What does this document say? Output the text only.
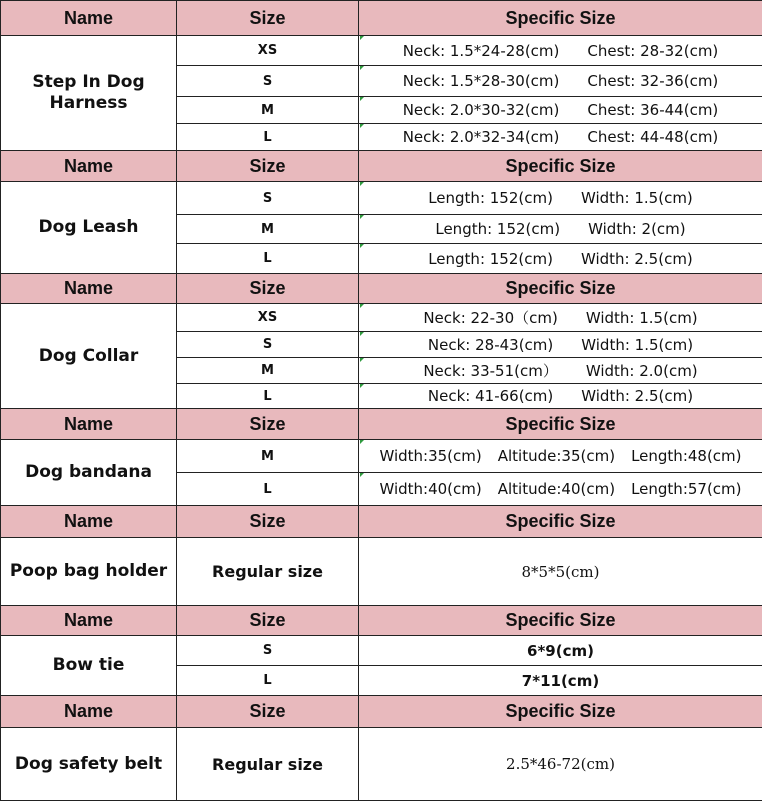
Name	Size	Specific Size
Step In Dog Harness
XS	Neck: 1.5*24-28(cm) Chest: 28-32(cm)
S	Neck: 1.5*28-30(cm) Chest: 32-36(cm)
M	Neck: 2.0*30-32(cm) Chest: 36-44(cm)
L	Neck: 2.0*32-34(cm) Chest: 44-48(cm)
Name	Size	Specific Size
Dog Leash
S	Length: 152(cm) Width: 1.5(cm)
M	Length: 152(cm) Width: 2(cm)
L	Length: 152(cm) Width: 2.5(cm)
Name	Size	Specific Size
Dog Collar
XS	Neck: 22-30（cm) Width: 1.5(cm)
S	Neck: 28-43(cm) Width: 1.5(cm)
M	Neck: 33-51(cm） Width: 2.0(cm)
L	Neck: 41-66(cm) Width: 2.5(cm)
Name	Size	Specific Size
Dog bandana
M	Width:35(cm) Altitude:35(cm) Length:48(cm)
L	Width:40(cm) Altitude:40(cm) Length:57(cm)
Name	Size	Specific Size
Poop bag holder	Regular size	8*5*5(cm)
Name	Size	Specific Size
Bow tie
S	6*9(cm)
L	7*11(cm)
Name	Size	Specific Size
Dog safety belt	Regular size	2.5*46-72(cm)
